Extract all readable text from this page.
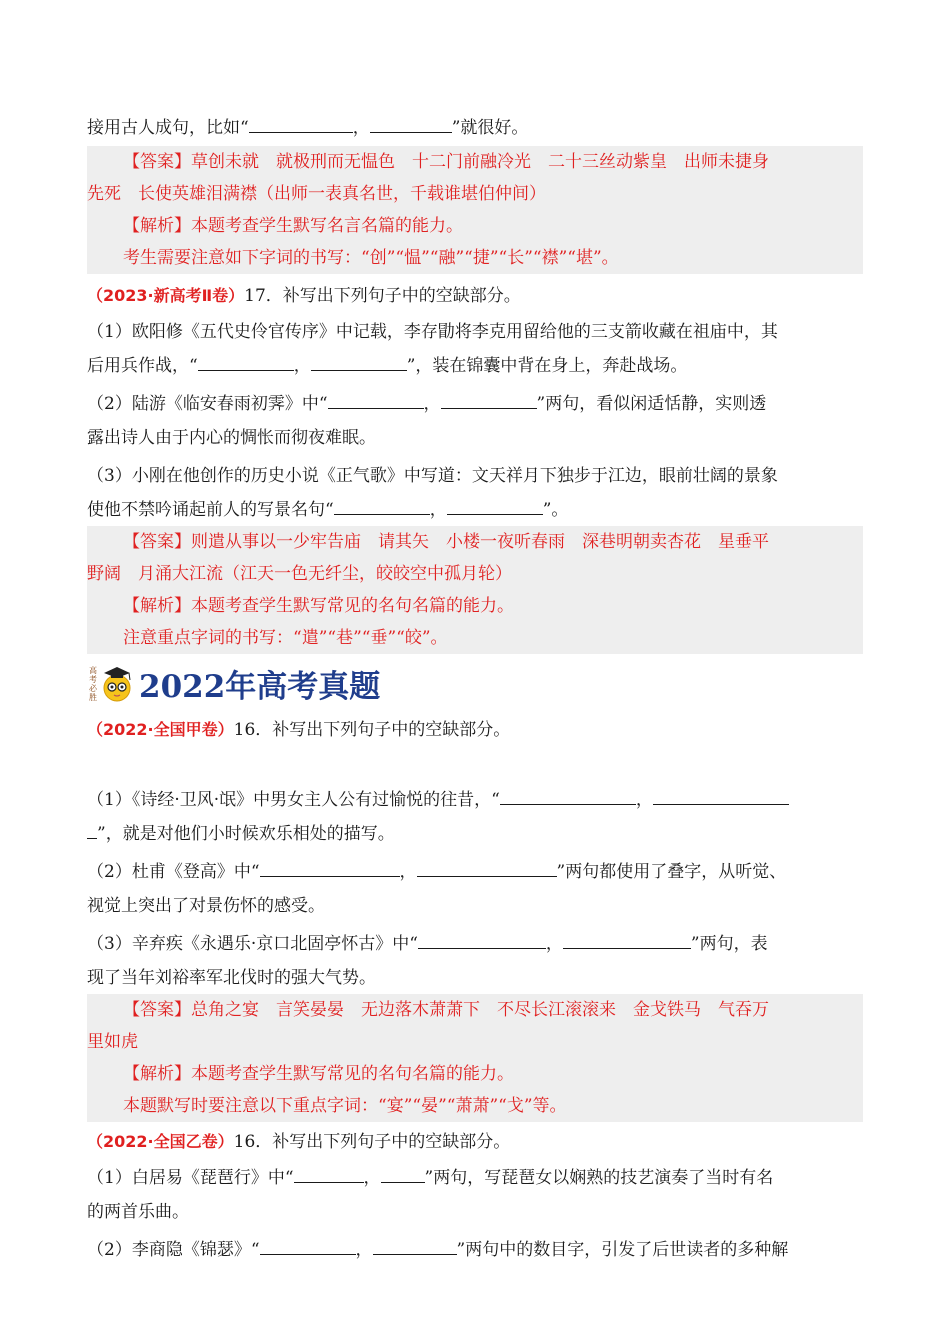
接用古人成句，比如“	，	”就很好。
【答案】草创未就　就极刑而无愠色　十二门前融冷光　二十三丝动紫皇　出师未捷身
先死　长使英雄泪满襟（出师一表真名世，千载谁堪伯仲间）
【解析】本题考查学生默写名言名篇的能力。
考生需要注意如下字词的书写：“创”“愠”“融”“捷”“长”“襟”“堪”。
（2023·新高考Ⅱ卷）17．补写出下列句子中的空缺部分。
（1）欧阳修《五代史伶官传序》中记载，李存勖将李克用留给他的三支箭收藏在祖庙中，其
后用兵作战，“	，	”，装在锦囊中背在身上，奔赴战场。
（2）陆游《临安春雨初霁》中“	，	”两句，看似闲适恬静，实则透
露出诗人由于内心的惆怅而彻夜难眠。
（3）小刚在他创作的历史小说《正气歌》中写道：文天祥月下独步于江边，眼前壮阔的景象
使他不禁吟诵起前人的写景名句“	，	”。
【答案】则遣从事以一少牢告庙　请其矢　小楼一夜听春雨　深巷明朝卖杏花　星垂平
野阔　月涌大江流（江天一色无纤尘，皎皎空中孤月轮）
【解析】本题考查学生默写常见的名句名篇的能力。
注意重点字词的书写：“遣”“巷”“垂”“皎”。
高
考
必
胜 2022年高考真题
（2022·全国甲卷）16．补写出下列句子中的空缺部分。
（1）《诗经·卫风·氓》中男女主人公有过愉悦的往昔，“	，
”，就是对他们小时候欢乐相处的描写。
（2）杜甫《登高》中“	，	”两句都使用了叠字，从听觉、
视觉上突出了对景伤怀的感受。
（3）辛弃疾《永遇乐·京口北固亭怀古》中“	，	”两句，表
现了当年刘裕率军北伐时的强大气势。
【答案】总角之宴　言笑晏晏　无边落木萧萧下　不尽长江滚滚来　金戈铁马　气吞万
里如虎
【解析】本题考查学生默写常见的名句名篇的能力。
本题默写时要注意以下重点字词：“宴”“晏”“萧萧”“戈”等。
（2022·全国乙卷）16．补写出下列句子中的空缺部分。
（1）白居易《琵琶行》中“	，	”两句，写琵琶女以娴熟的技艺演奏了当时有名
的两首乐曲。
（2）李商隐《锦瑟》“	，	”两句中的数目字，引发了后世读者的多种解
